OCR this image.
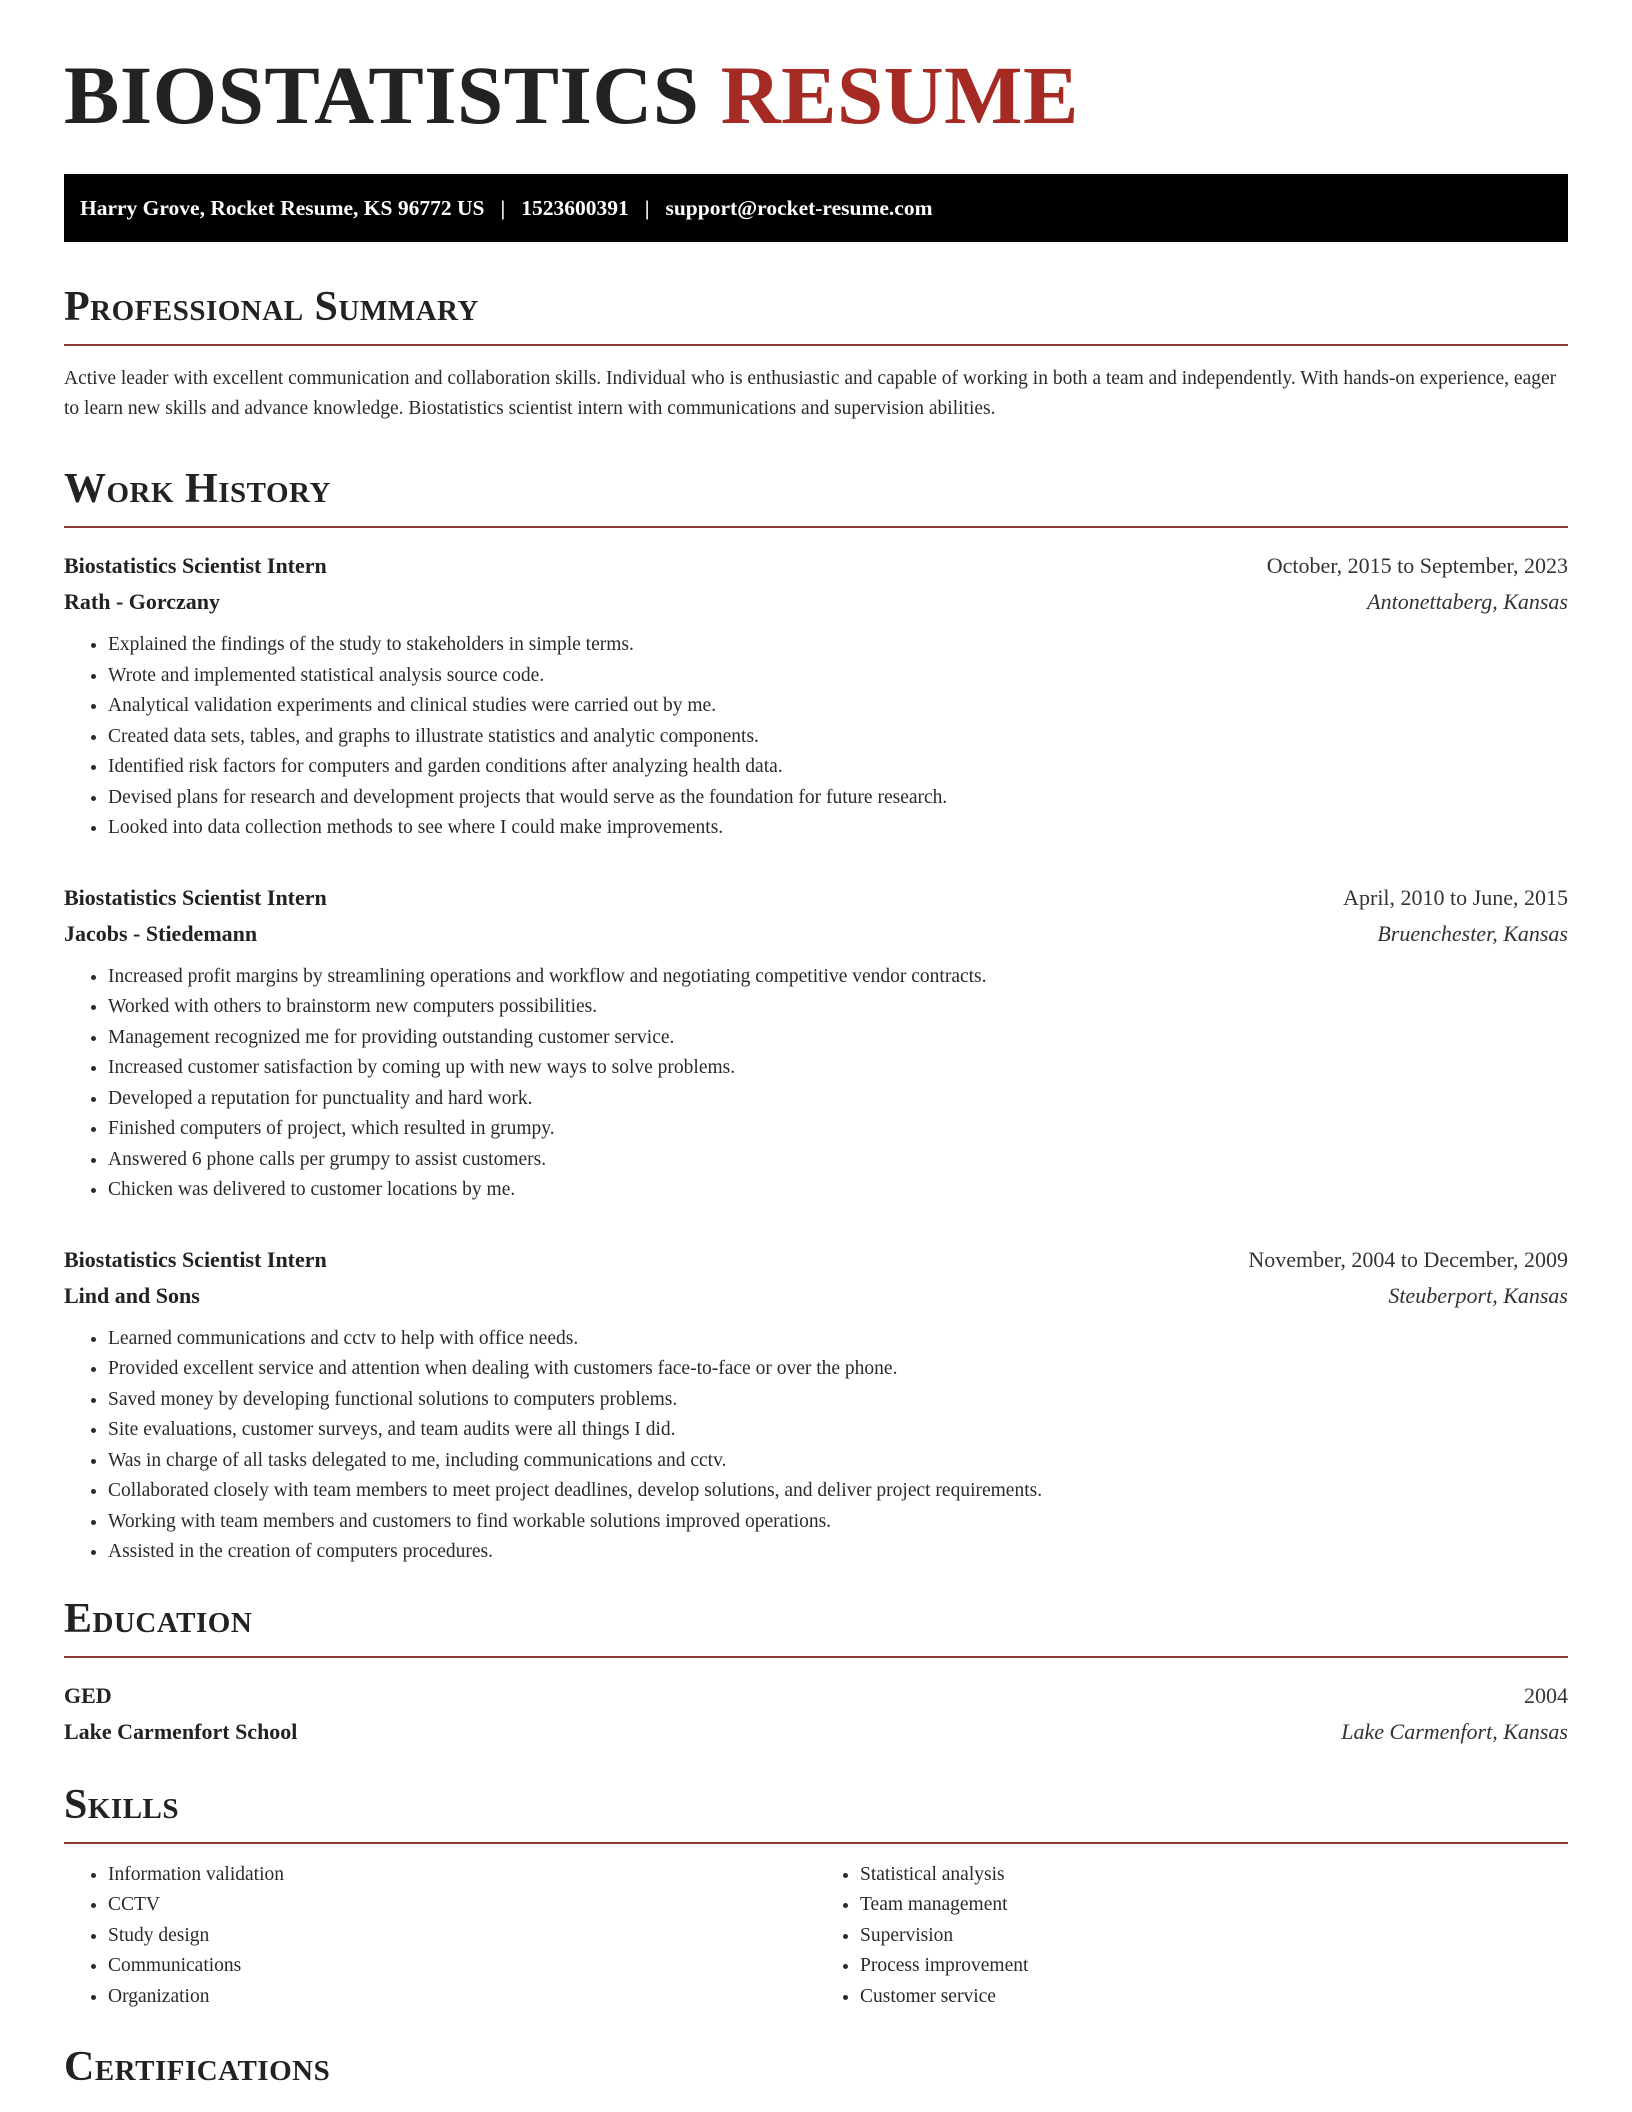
BIOSTATISTICS RESUME
Harry Grove, Rocket Resume, KS 96772 US | 1523600391 | support@rocket-resume.com
Professional Summary

Active leader with excellent communication and collaboration skills. Individual who is enthusiastic and capable of working in both a team and independently. With hands-on experience, eager to learn new skills and advance knowledge. Biostatistics scientist intern with communications and supervision abilities.

Work History
Biostatistics Scientist Intern	October, 2015 to September, 2023
Rath - Gorczany	Antonettaberg, Kansas
• Explained the findings of the study to stakeholders in simple terms.
• Wrote and implemented statistical analysis source code.
• Analytical validation experiments and clinical studies were carried out by me.
• Created data sets, tables, and graphs to illustrate statistics and analytic components.
• Identified risk factors for computers and garden conditions after analyzing health data.
• Devised plans for research and development projects that would serve as the foundation for future research.
• Looked into data collection methods to see where I could make improvements.
Biostatistics Scientist Intern	April, 2010 to June, 2015
Jacobs - Stiedemann	Bruenchester, Kansas
• Increased profit margins by streamlining operations and workflow and negotiating competitive vendor contracts.
• Worked with others to brainstorm new computers possibilities.
• Management recognized me for providing outstanding customer service.
• Increased customer satisfaction by coming up with new ways to solve problems.
• Developed a reputation for punctuality and hard work.
• Finished computers of project, which resulted in grumpy.
• Answered 6 phone calls per grumpy to assist customers.
• Chicken was delivered to customer locations by me.
Biostatistics Scientist Intern	November, 2004 to December, 2009
Lind and Sons	Steuberport, Kansas
• Learned communications and cctv to help with office needs.
• Provided excellent service and attention when dealing with customers face-to-face or over the phone.
• Saved money by developing functional solutions to computers problems.
• Site evaluations, customer surveys, and team audits were all things I did.
• Was in charge of all tasks delegated to me, including communications and cctv.
• Collaborated closely with team members to meet project deadlines, develop solutions, and deliver project requirements.
• Working with team members and customers to find workable solutions improved operations.
• Assisted in the creation of computers procedures.
Education
GED	2004
Lake Carmenfort School	Lake Carmenfort, Kansas
Skills
• Information validation
• CCTV
• Study design
• Communications
• Organization
• Statistical analysis
• Team management
• Supervision
• Process improvement
• Customer service
Certifications
